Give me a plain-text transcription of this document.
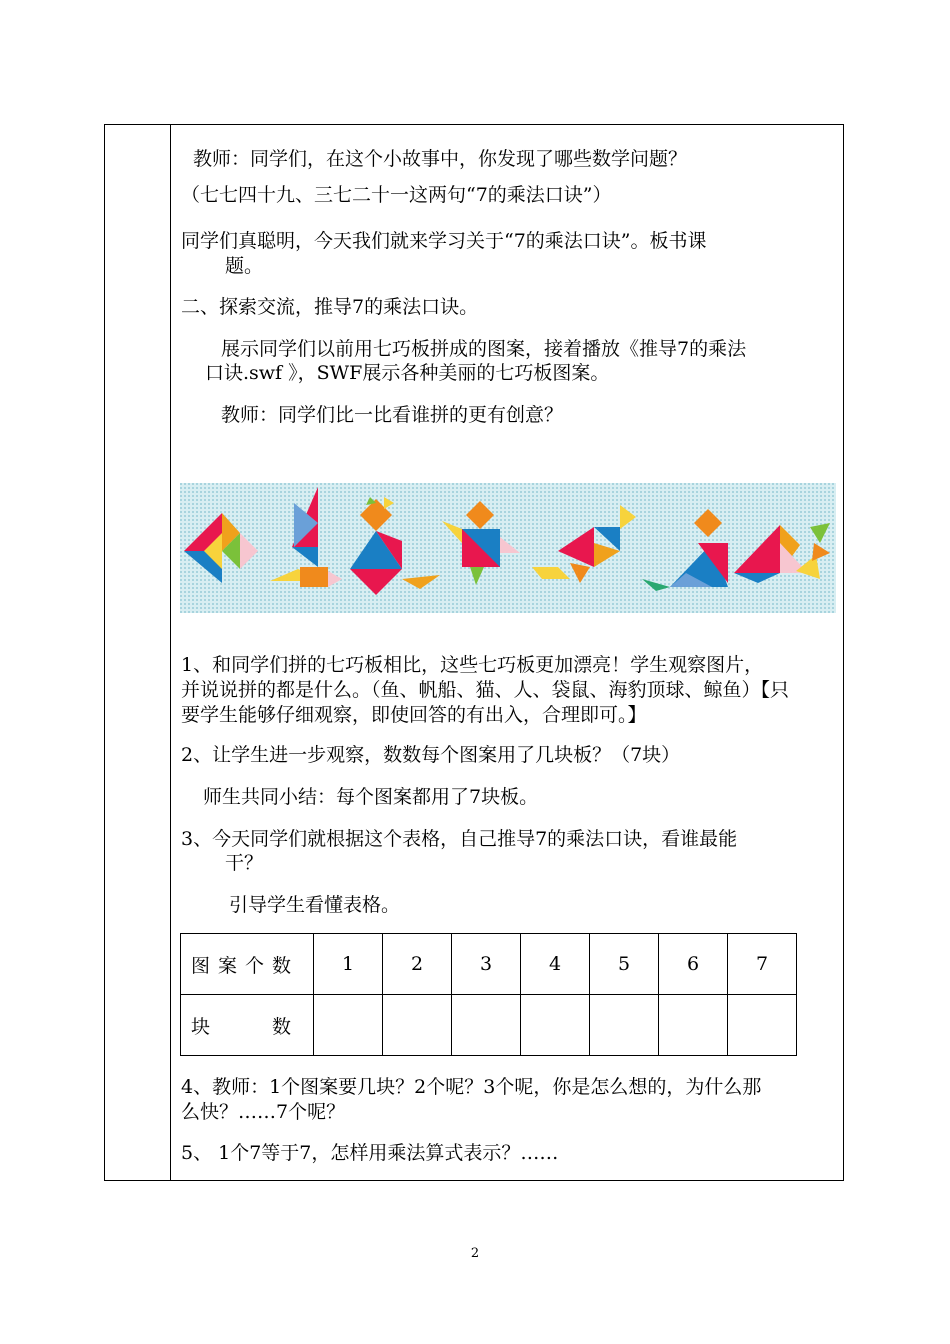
教师：同学们，在这个小故事中，你发现了哪些数学问题？
（七七四十九、三七二十一这两句“7的乘法口诀”）
同学们真聪明，今天我们就来学习关于“7的乘法口诀”。板书课
题。
二、探索交流，推导7的乘法口诀。
展示同学们以前用七巧板拼成的图案，接着播放《推导7的乘法
口诀.swf 》，SWF展示各种美丽的七巧板图案。
教师：同学们比一比看谁拼的更有创意？
1、和同学们拼的七巧板相比，这些七巧板更加漂亮！学生观察图片，
并说说拼的都是什么。（鱼、帆船、猫、人、袋鼠、海豹顶球、鲸鱼）【只
要学生能够仔细观察，即使回答的有出入，合理即可。】
2、让学生进一步观察，数数每个图案用了几块板？（7块）
师生共同小结：每个图案都用了7块板。
3、今天同学们就根据这个表格，自己推导7的乘法口诀，看谁最能
干？
引导学生看懂表格。
图案个数	1	2	3	4	5	6	7
块数							
4、教师：1个图案要几块？2个呢？3个呢，你是怎么想的，为什么那
么快？……7个呢？
5、 1个7等于7，怎样用乘法算式表示？……
2
